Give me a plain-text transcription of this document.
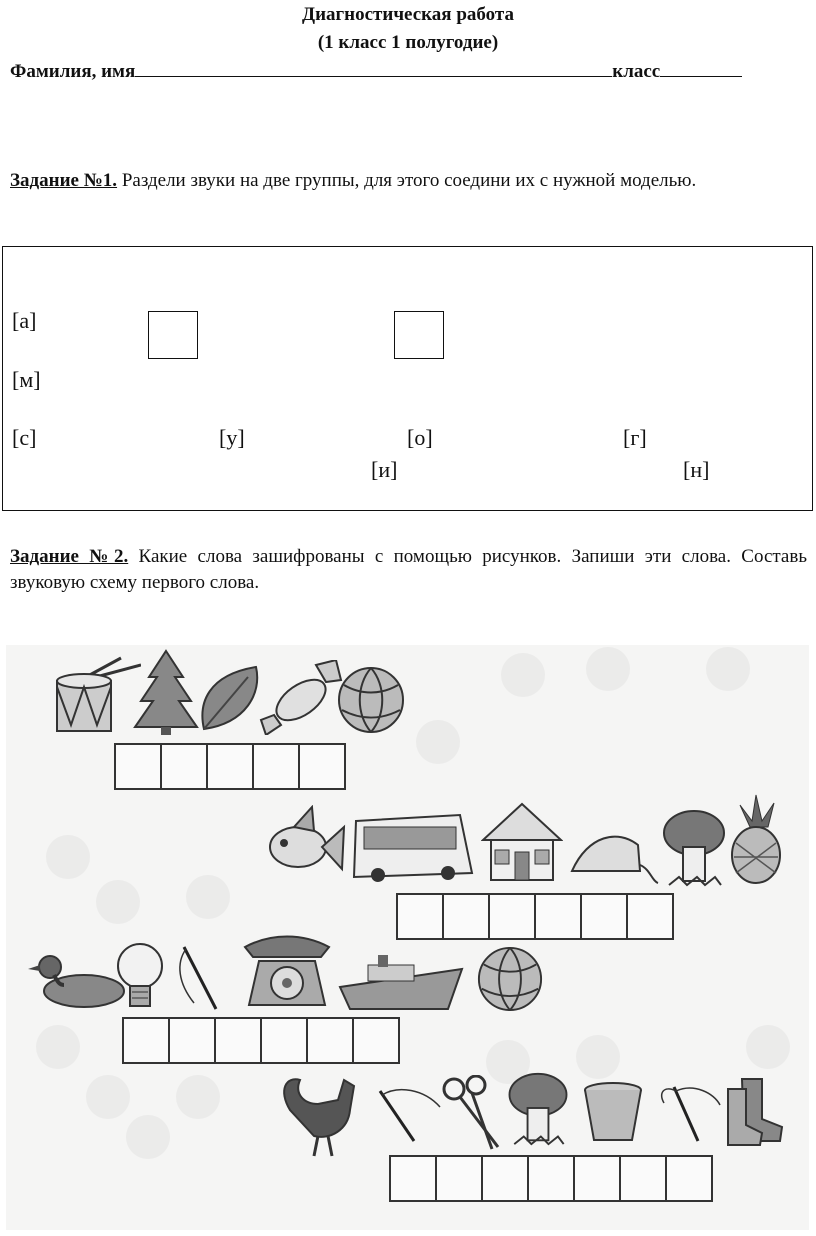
Диагностическая работа
(1 класс 1 полугодие)
Фамилия, имя	класс
Задание №1. Раздели звуки на две группы, для этого соедини их с нужной моделью.
[а]
[м]
[с]	[у]	[о]	[г]
[и]	[н]
Задание №2. Какие слова зашифрованы с помощью рисунков. Запиши эти слова. Составь звуковую схему первого слова.
